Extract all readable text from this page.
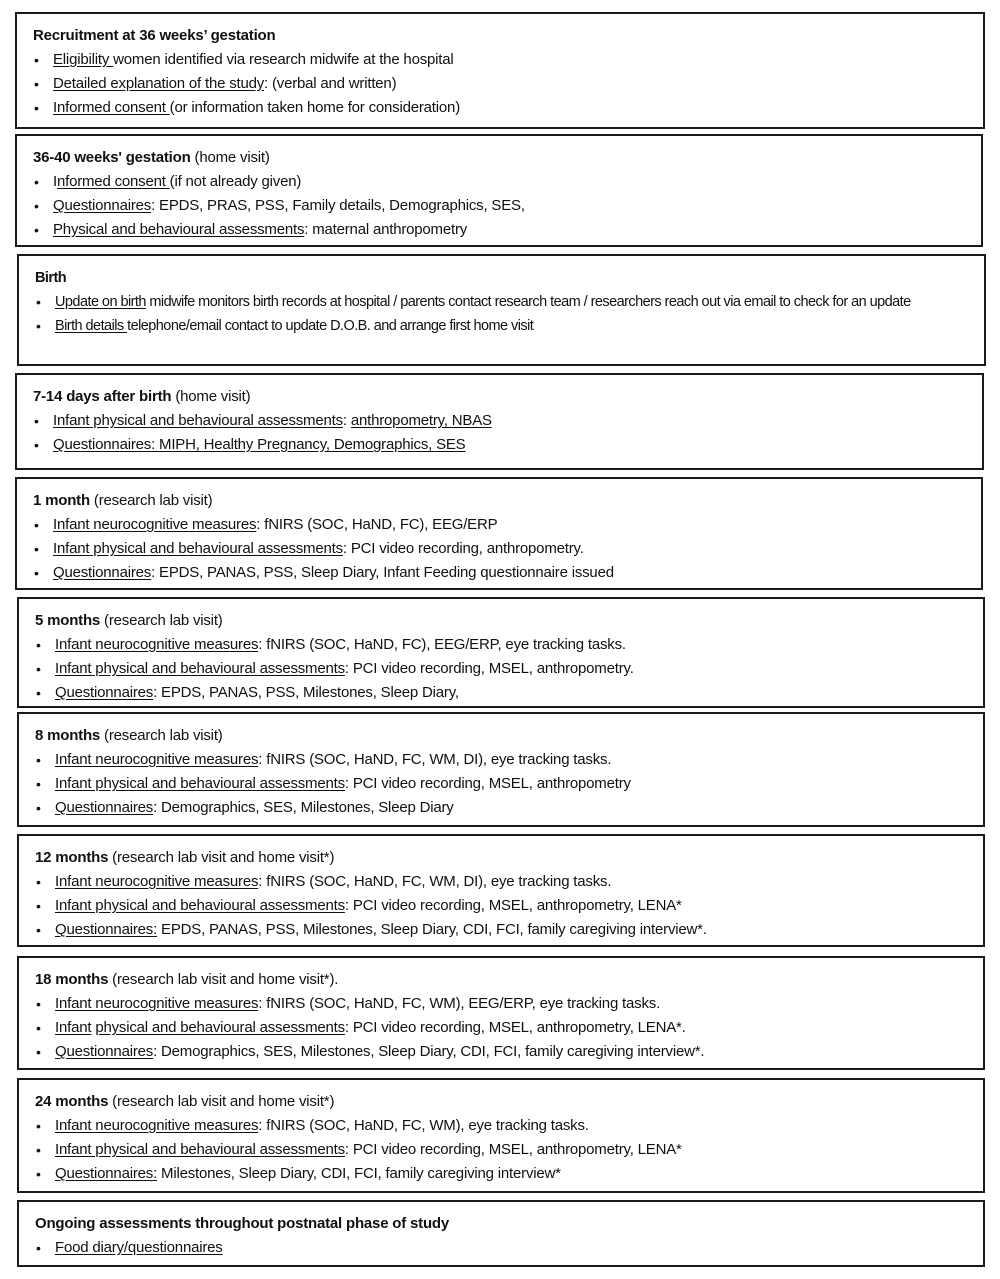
Recruitment at 36 weeks’ gestation
• Eligibility women identified via research midwife at the hospital
• Detailed explanation of the study: (verbal and written)
• Informed consent (or information taken home for consideration)
36-40 weeks' gestation (home visit)
• Informed consent (if not already given)
• Questionnaires: EPDS, PRAS, PSS, Family details, Demographics, SES,
• Physical and behavioural assessments: maternal anthropometry
Birth
• Update on birth midwife monitors birth records at hospital / parents contact research team / researchers reach out via email to check for an update
• Birth details telephone/email contact to update D.O.B. and arrange first home visit
7-14 days after birth (home visit)
• Infant physical and behavioural assessments: anthropometry, NBAS
• Questionnaires: MIPH, Healthy Pregnancy, Demographics, SES
1 month (research lab visit)
• Infant neurocognitive measures: fNIRS (SOC, HaND, FC), EEG/ERP
• Infant physical and behavioural assessments: PCI video recording, anthropometry.
• Questionnaires: EPDS, PANAS, PSS, Sleep Diary, Infant Feeding questionnaire issued
5 months (research lab visit)
• Infant neurocognitive measures: fNIRS (SOC, HaND, FC), EEG/ERP, eye tracking tasks.
• Infant physical and behavioural assessments: PCI video recording, MSEL, anthropometry.
• Questionnaires: EPDS, PANAS, PSS, Milestones, Sleep Diary,
8 months (research lab visit)
• Infant neurocognitive measures: fNIRS (SOC, HaND, FC, WM, DI), eye tracking tasks.
• Infant physical and behavioural assessments: PCI video recording, MSEL, anthropometry
• Questionnaires: Demographics, SES, Milestones, Sleep Diary
12 months (research lab visit and home visit*)
• Infant neurocognitive measures: fNIRS (SOC, HaND, FC, WM, DI), eye tracking tasks.
• Infant physical and behavioural assessments: PCI video recording, MSEL, anthropometry, LENA*
• Questionnaires: EPDS, PANAS, PSS, Milestones, Sleep Diary, CDI, FCI, family caregiving interview*.
18 months (research lab visit and home visit*).
• Infant neurocognitive measures: fNIRS (SOC, HaND, FC, WM), EEG/ERP, eye tracking tasks.
• Infant physical and behavioural assessments: PCI video recording, MSEL, anthropometry, LENA*.
• Questionnaires: Demographics, SES, Milestones, Sleep Diary, CDI, FCI, family caregiving interview*.
24 months (research lab visit and home visit*)
• Infant neurocognitive measures: fNIRS (SOC, HaND, FC, WM), eye tracking tasks.
• Infant physical and behavioural assessments: PCI video recording, MSEL, anthropometry, LENA*
• Questionnaires: Milestones, Sleep Diary, CDI, FCI, family caregiving interview*
Ongoing assessments throughout postnatal phase of study
• Food diary/questionnaires
